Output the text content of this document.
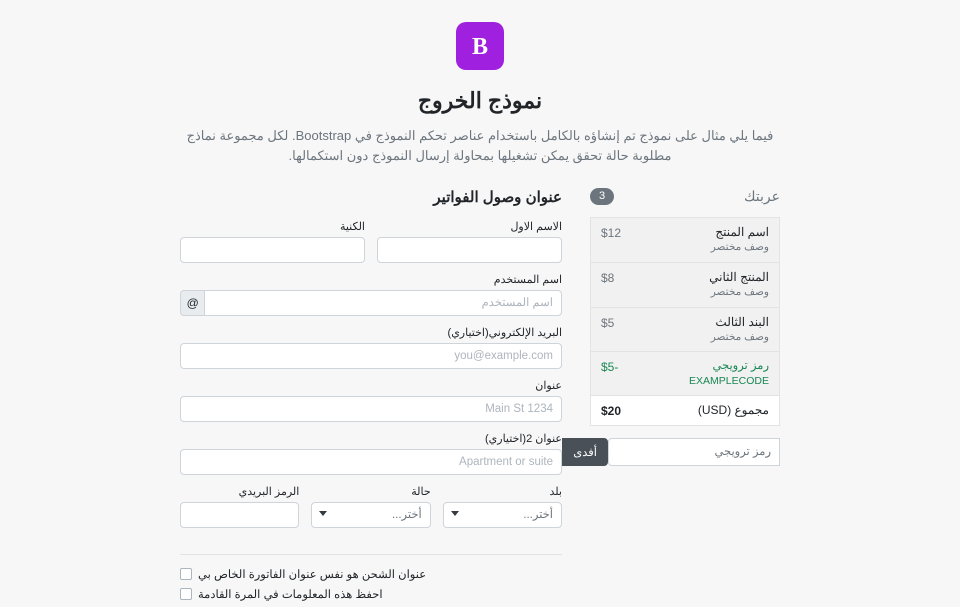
B
نموذج الخروج
فيما يلي مثال على نموذج تم إنشاؤه بالكامل باستخدام عناصر تحكم النموذج في Bootstrap. لكل مجموعة نماذج مطلوبة حالة تحقق يمكن تشغيلها بمحاولة إرسال النموذج دون استكمالها.
عربتك
3
اسم المنتج
وصف مختصر
$12
المنتج الثاني
وصف مختصر
$8
البند الثالث
وصف مختصر
$5
رمز ترويجي
EXAMPLECODE
-$5
مجموع (USD)
$20
رمز ترويجي
أفدى
عنوان وصول الفواتير
الاسم الاول
الكنية
اسم المستخدم
@
اسم المستخدم
البريد الإلكتروني(اختياري)
you@example.com
عنوان
1234 Main St
عنوان 2(اختياري)
Apartment or suite
بلد
أختر...
حالة
أختر...
الرمز البريدي
عنوان الشحن هو نفس عنوان الفاتورة الخاص بي
احفظ هذه المعلومات في المرة القادمة
